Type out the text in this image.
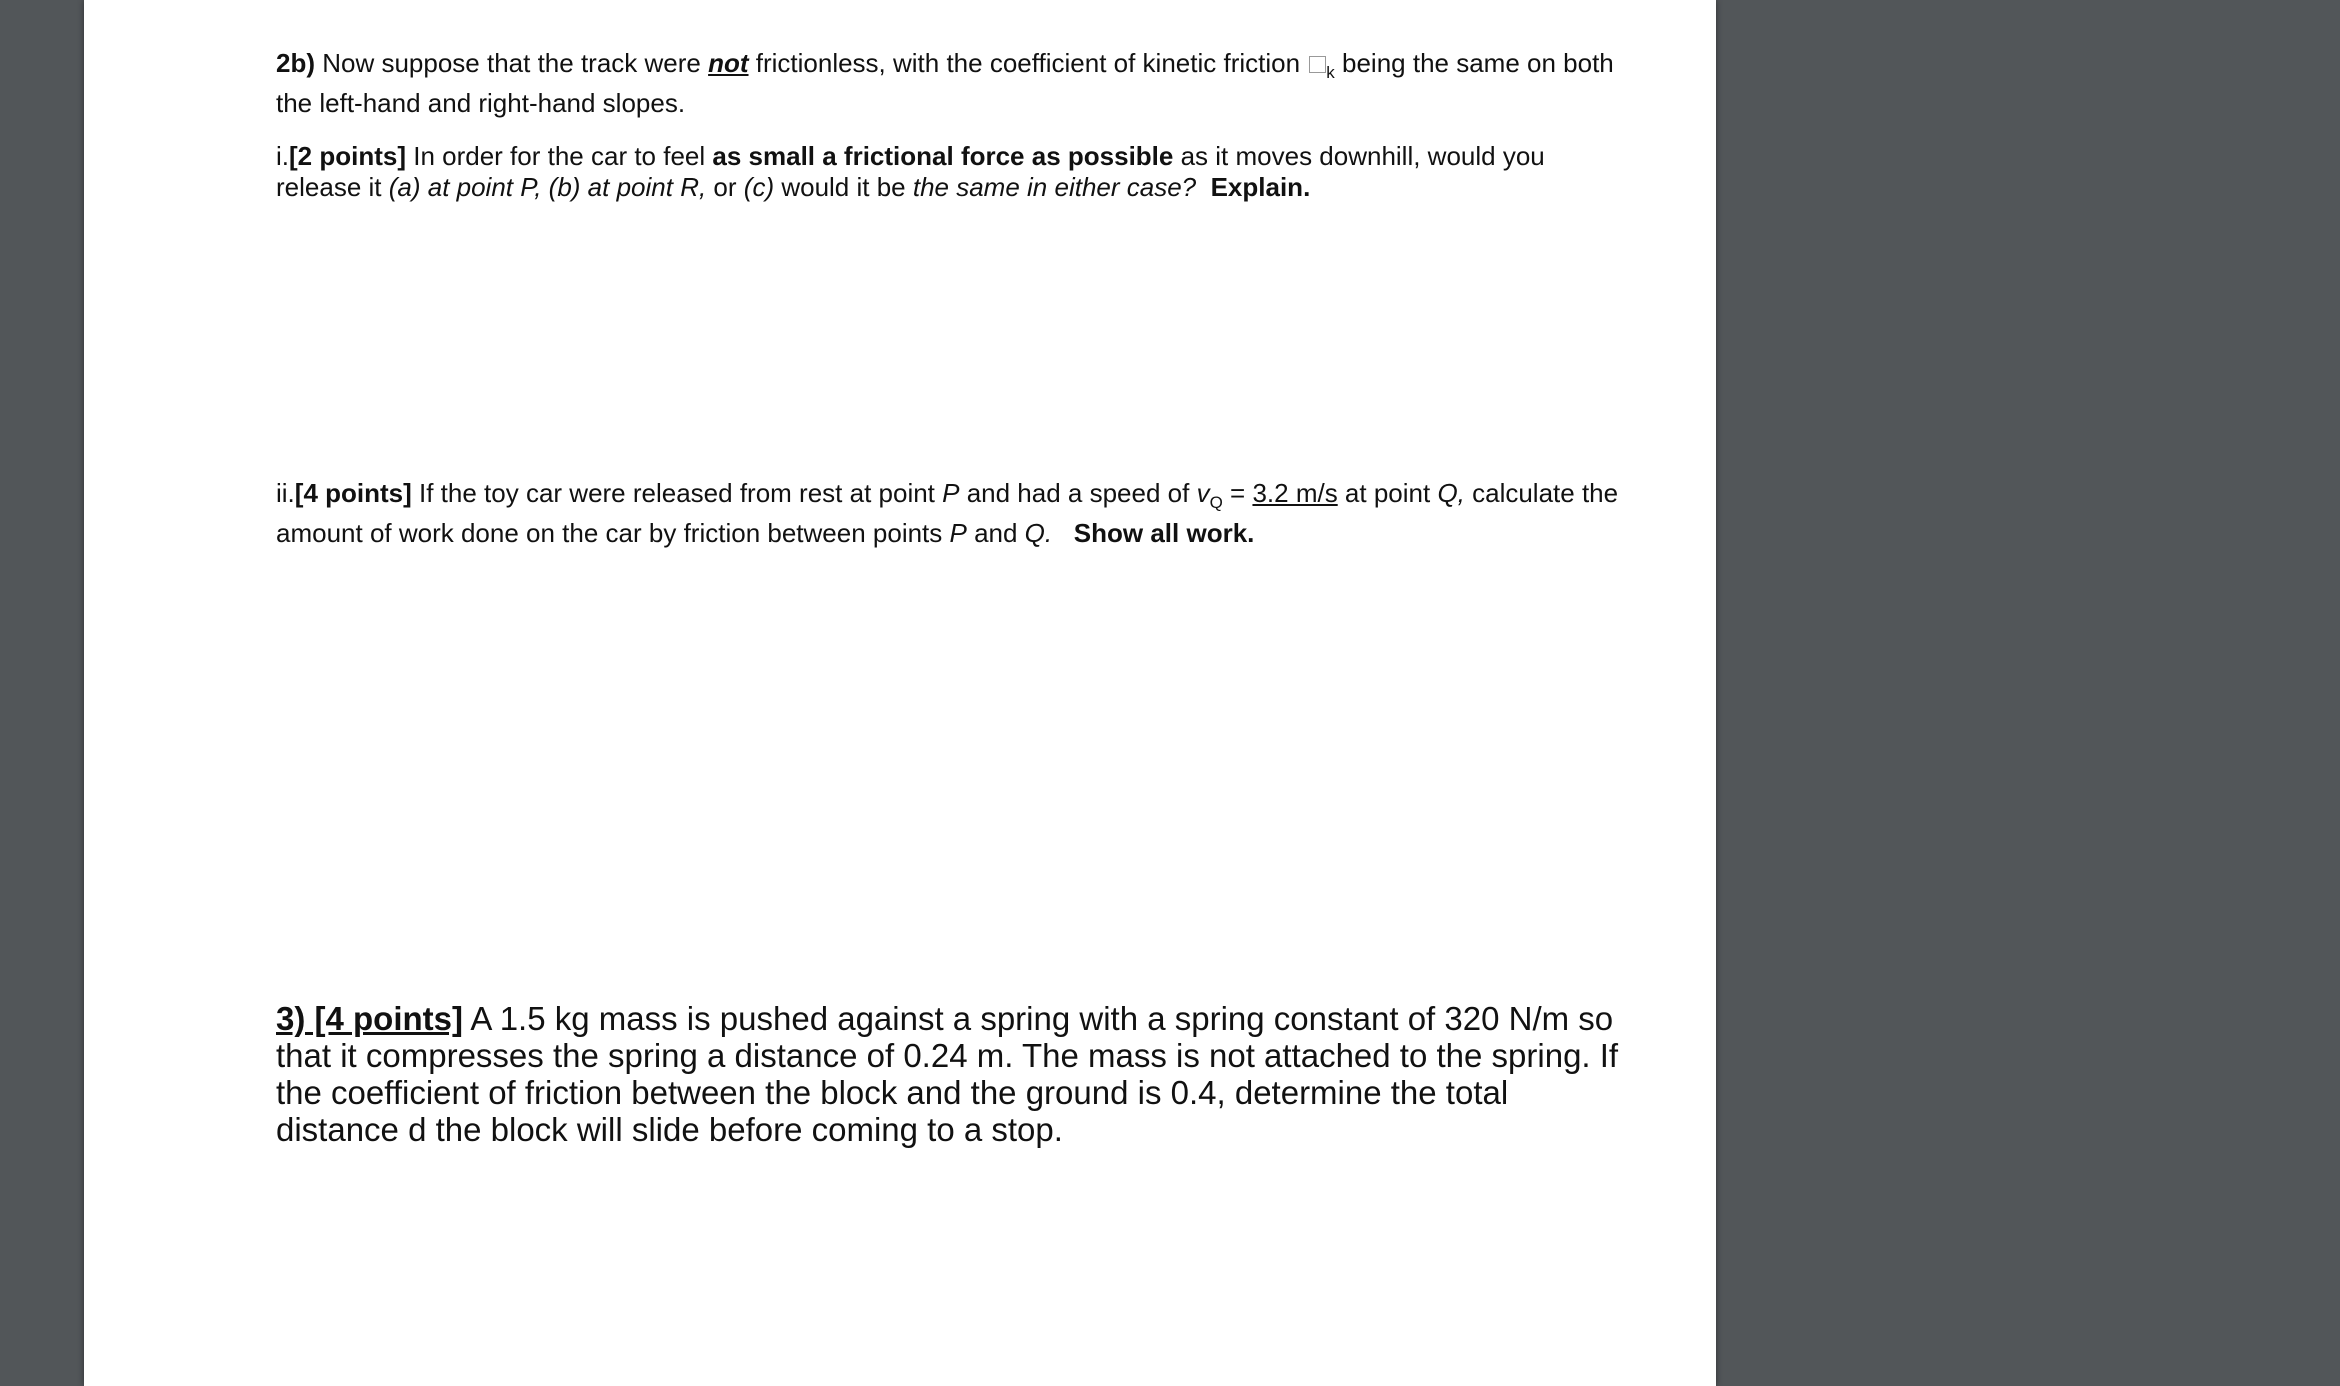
2b) Now suppose that the track were not frictionless, with the coefficient of kinetic friction $_k$ being the same on both the left-hand and right-hand slopes.
i.[2 points] In order for the car to feel as small a frictional force as possible as it moves downhill, would you release it (a) at point P, (b) at point R, or (c) would it be the same in either case? Explain.
ii.[4 points] If the toy car were released from rest at point P and had a speed of $v_Q = 3.2$ m/s at point Q, calculate the amount of work done on the car by friction between points P and Q. Show all work.
3) [4 points] A 1.5 kg mass is pushed against a spring with a spring constant of 320 N/m so that it compresses the spring a distance of 0.24 m. The mass is not attached to the spring. If the coefficient of friction between the block and the ground is 0.4, determine the total distance d the block will slide before coming to a stop.
